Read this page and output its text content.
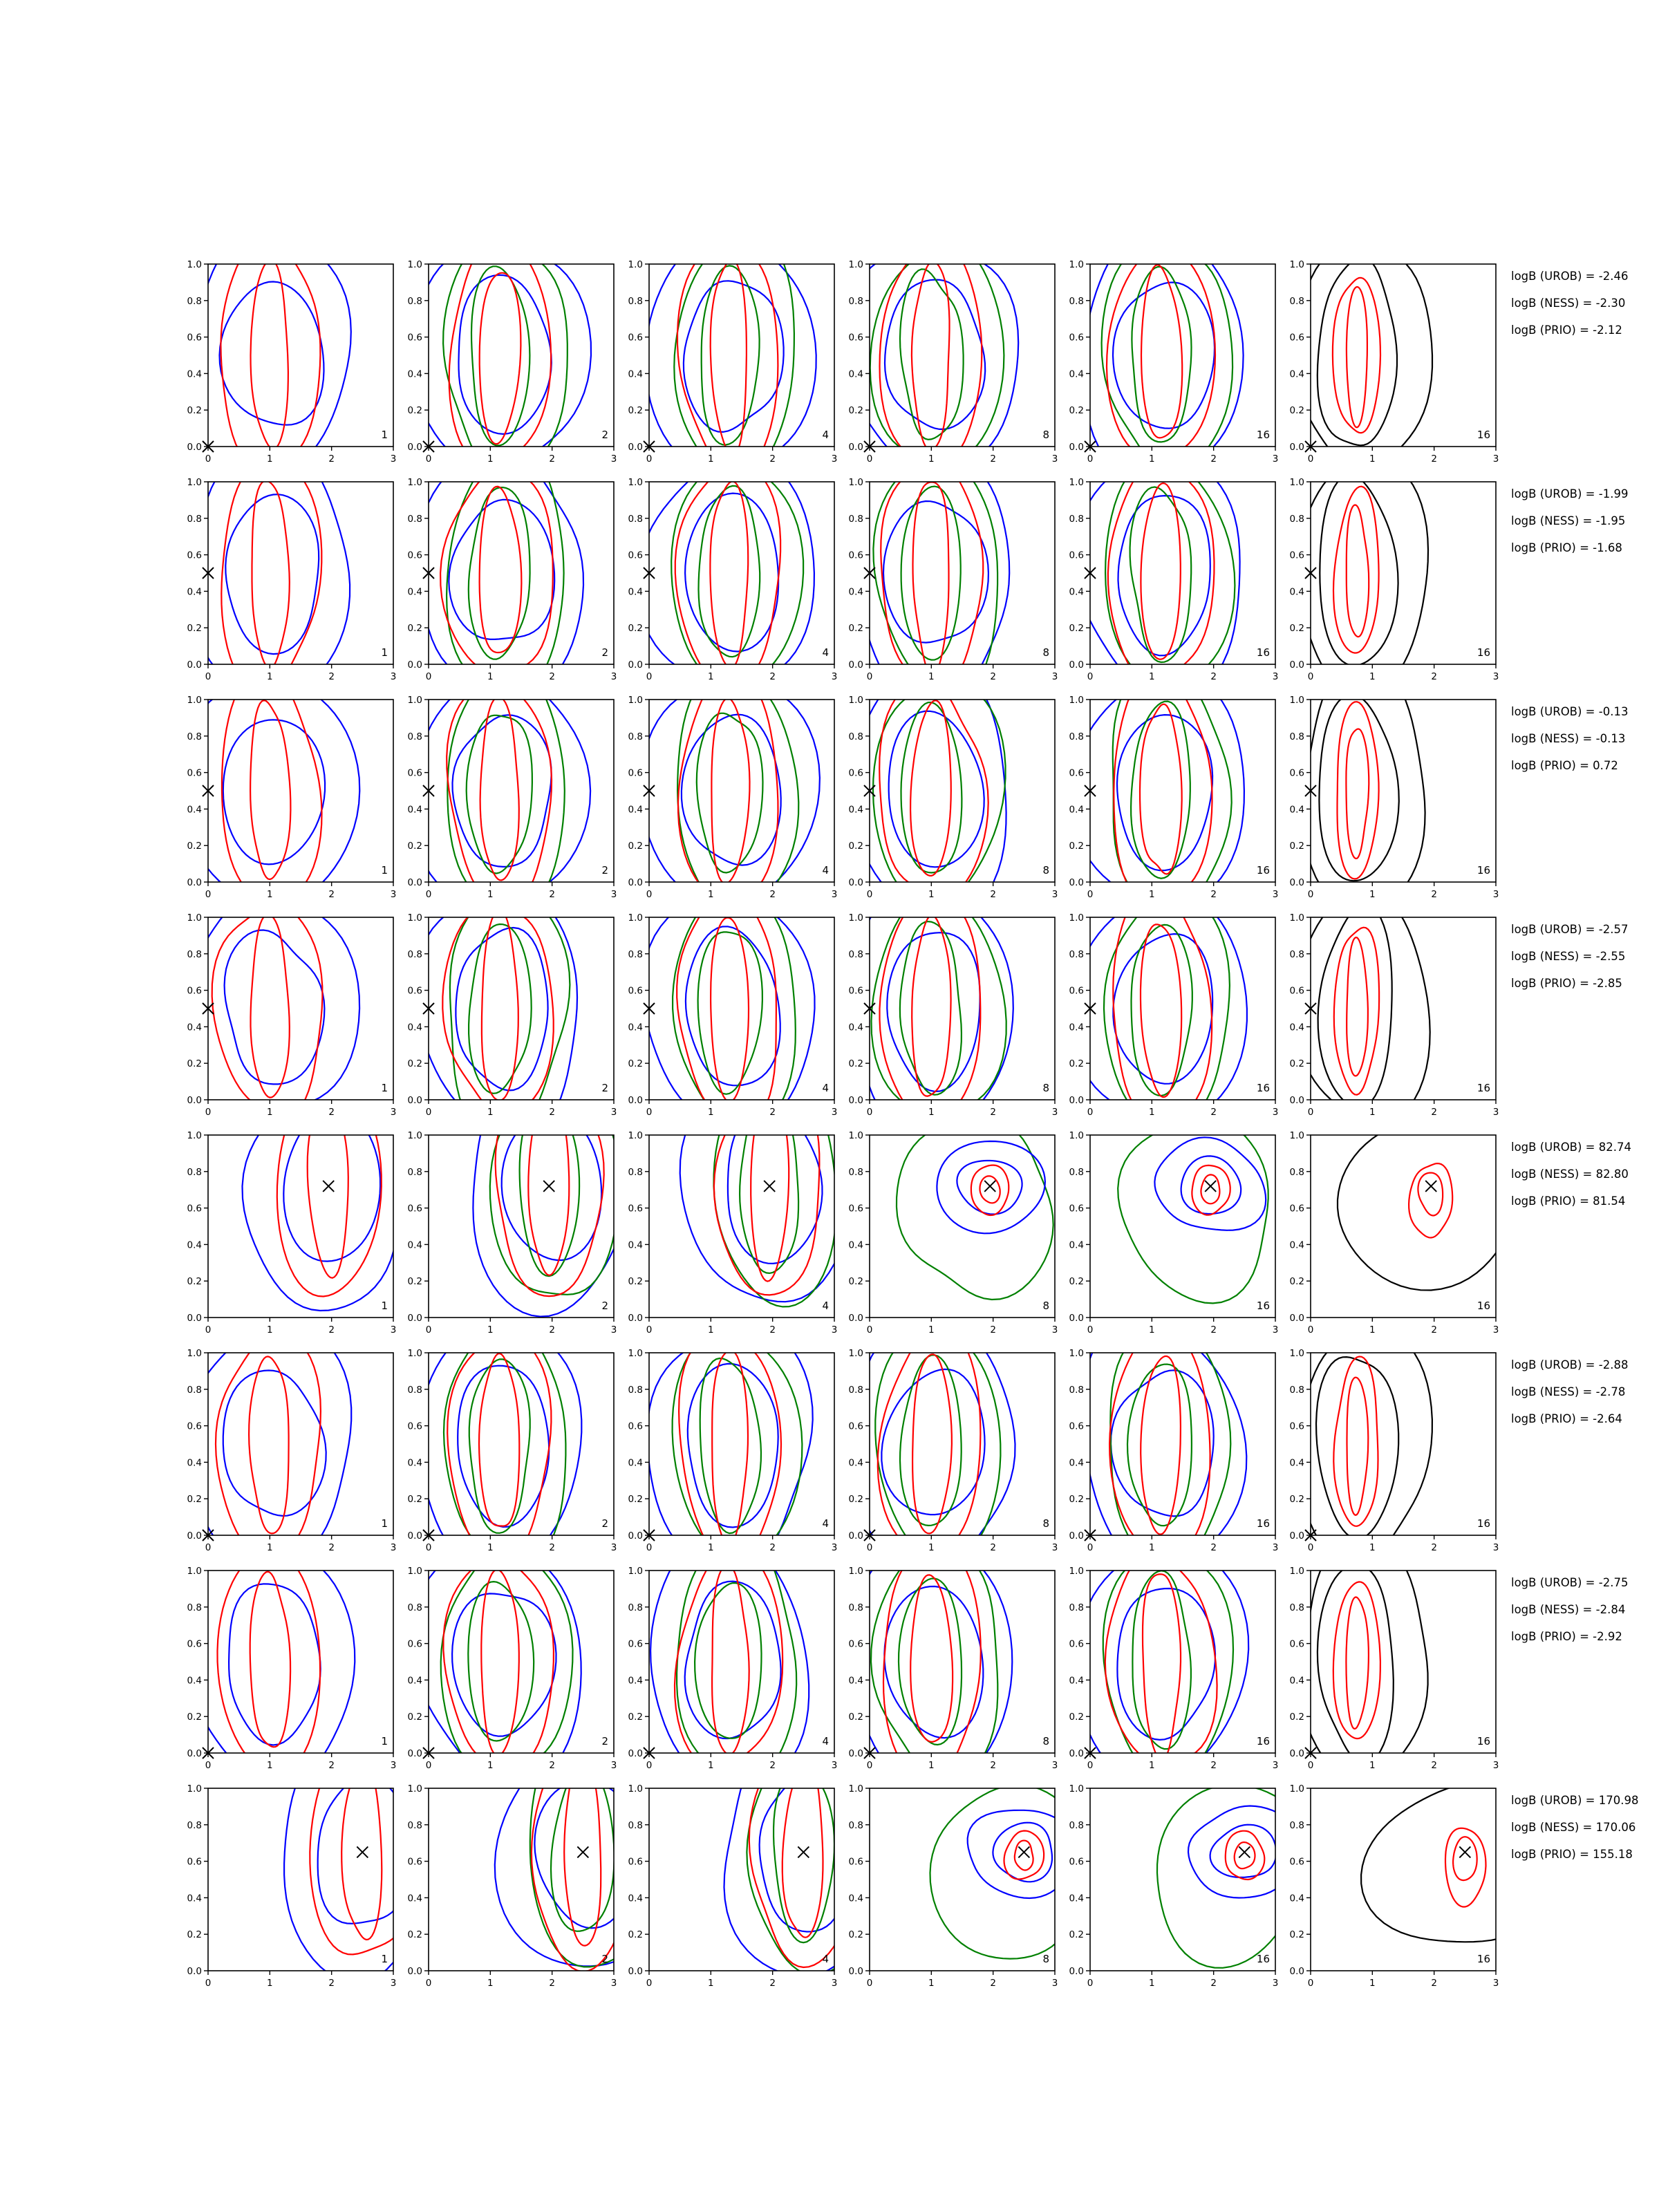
0.0
0.2
0.4
0.6
0.8
1.0
0	1	2	3
1
0.0
0.2
0.4
0.6
0.8
1.0
0	1	2	3
2
0.0
0.2
0.4
0.6
0.8
1.0
0	1	2	3
4
0.0
0.2
0.4
0.6
0.8
1.0
0	1	2	3
8
0.0
0.2
0.4
0.6
0.8
1.0
0	1	2	3
16
0.0
0.2
0.4
0.6
0.8
1.0
0	1	2	3
16
0.0
0.2
0.4
0.6
0.8
1.0
0	1	2	3
1
0.0
0.2
0.4
0.6
0.8
1.0
0	1	2	3
2
0.0
0.2
0.4
0.6
0.8
1.0
0	1	2	3
4
0.0
0.2
0.4
0.6
0.8
1.0
0	1	2	3
8
0.0
0.2
0.4
0.6
0.8
1.0
0	1	2	3
16
0.0
0.2
0.4
0.6
0.8
1.0
0	1	2	3
16
0.0
0.2
0.4
0.6
0.8
1.0
0	1	2	3
1
0.0
0.2
0.4
0.6
0.8
1.0
0	1	2	3
2
0.0
0.2
0.4
0.6
0.8
1.0
0	1	2	3
4
0.0
0.2
0.4
0.6
0.8
1.0
0	1	2	3
8
0.0
0.2
0.4
0.6
0.8
1.0
0	1	2	3
16
0.0
0.2
0.4
0.6
0.8
1.0
0	1	2	3
16
0.0
0.2
0.4
0.6
0.8
1.0
0	1	2	3
1
0.0
0.2
0.4
0.6
0.8
1.0
0	1	2	3
2
0.0
0.2
0.4
0.6
0.8
1.0
0	1	2	3
4
0.0
0.2
0.4
0.6
0.8
1.0
0	1	2	3
8
0.0
0.2
0.4
0.6
0.8
1.0
0	1	2	3
16
0.0
0.2
0.4
0.6
0.8
1.0
0	1	2	3
16
0.0
0.2
0.4
0.6
0.8
1.0
0	1	2	3
1
0.0
0.2
0.4
0.6
0.8
1.0
0	1	2	3
2
0.0
0.2
0.4
0.6
0.8
1.0
0	1	2	3
4
0.0
0.2
0.4
0.6
0.8
1.0
0	1	2	3
8
0.0
0.2
0.4
0.6
0.8
1.0
0	1	2	3
16
0.0
0.2
0.4
0.6
0.8
1.0
0	1	2	3
16
0.0
0.2
0.4
0.6
0.8
1.0
0	1	2	3
1
0.0
0.2
0.4
0.6
0.8
1.0
0	1	2	3
2
0.0
0.2
0.4
0.6
0.8
1.0
0	1	2	3
4
0.0
0.2
0.4
0.6
0.8
1.0
0	1	2	3
8
0.0
0.2
0.4
0.6
0.8
1.0
0	1	2	3
16
0.0
0.2
0.4
0.6
0.8
1.0
0	1	2	3
16
0.0
0.2
0.4
0.6
0.8
1.0
0	1	2	3
1
0.0
0.2
0.4
0.6
0.8
1.0
0	1	2	3
2
0.0
0.2
0.4
0.6
0.8
1.0
0	1	2	3
4
0.0
0.2
0.4
0.6
0.8
1.0
0	1	2	3
8
0.0
0.2
0.4
0.6
0.8
1.0
0	1	2	3
16
0.0
0.2
0.4
0.6
0.8
1.0
0	1	2	3
16
0.0
0.2
0.4
0.6
0.8
1.0
0	1	2	3
1
0.0
0.2
0.4
0.6
0.8
1.0
0	1	2	3
2
0.0
0.2
0.4
0.6
0.8
1.0
0	1	2	3
4
0.0
0.2
0.4
0.6
0.8
1.0
0	1	2	3
8
0.0
0.2
0.4
0.6
0.8
1.0
0	1	2	3
16
0.0
0.2
0.4
0.6
0.8
1.0
0	1	2	3
16
logB (UROB) = -2.46
logB (NESS) = -2.30
logB (PRIO) = -2.12
logB (UROB) = -1.99
logB (NESS) = -1.95
logB (PRIO) = -1.68
logB (UROB) = -0.13
logB (NESS) = -0.13
logB (PRIO) = 0.72
logB (UROB) = -2.57
logB (NESS) = -2.55
logB (PRIO) = -2.85
logB (UROB) = 82.74
logB (NESS) = 82.80
logB (PRIO) = 81.54
logB (UROB) = -2.88
logB (NESS) = -2.78
logB (PRIO) = -2.64
logB (UROB) = -2.75
logB (NESS) = -2.84
logB (PRIO) = -2.92
logB (UROB) = 170.98
logB (NESS) = 170.06
logB (PRIO) = 155.18
